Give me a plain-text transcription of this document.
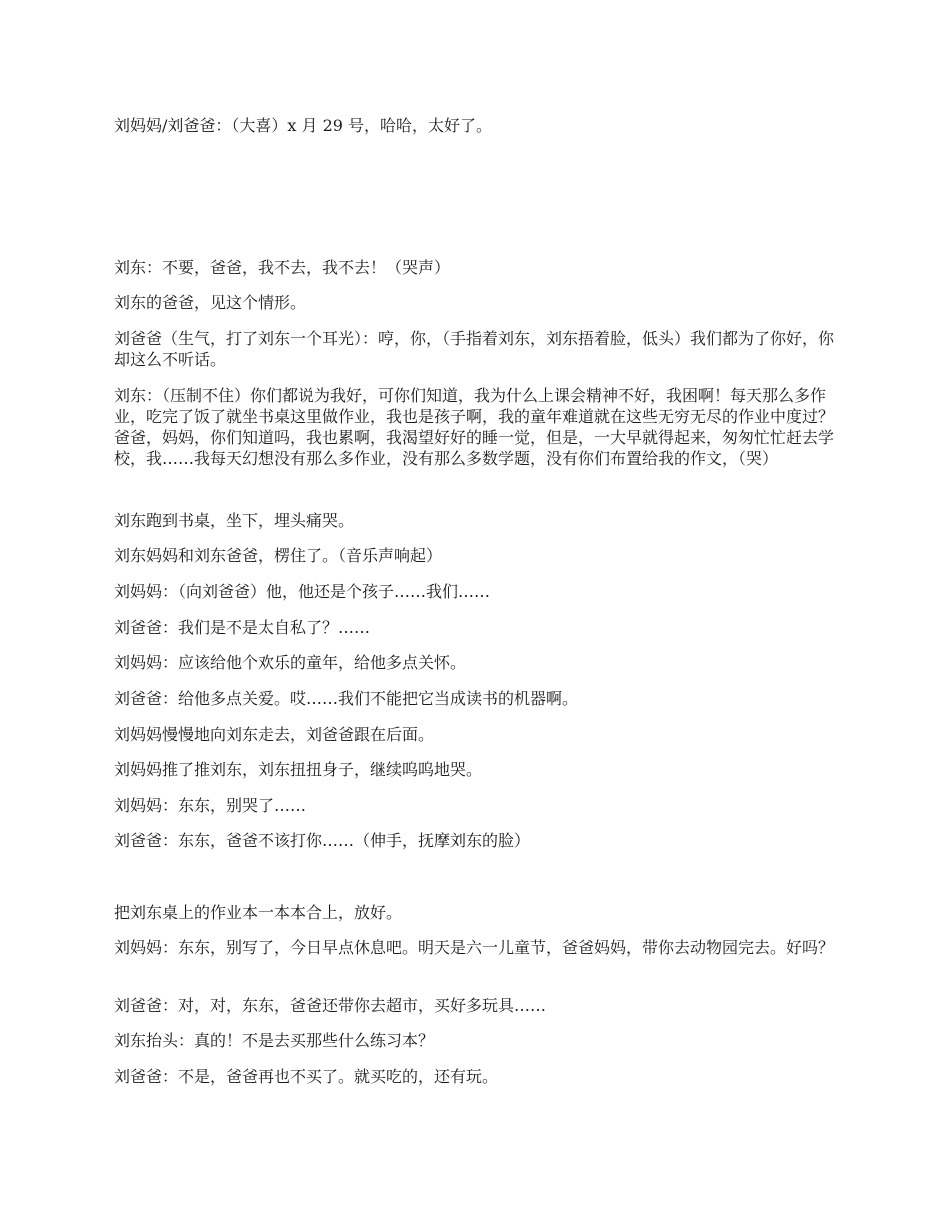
刘妈妈/刘爸爸：（大喜）x 月 29 号，哈哈，太好了。

刘东：不要，爸爸，我不去，我不去！（哭声）

刘东的爸爸，见这个情形。

刘爸爸（生气，打了刘东一个耳光）：哼，你，（手指着刘东，刘东捂着脸，低头）我们都为了你好，你却这么不听话。

刘东：（压制不住）你们都说为我好，可你们知道，我为什么上课会精神不好，我困啊！每天那么多作业，吃完了饭了就坐书桌这里做作业，我也是孩子啊，我的童年难道就在这些无穷无尽的作业中度过？爸爸，妈妈，你们知道吗，我也累啊，我渴望好好的睡一觉，但是，一大早就得起来，匆匆忙忙赶去学校，我……我每天幻想没有那么多作业，没有那么多数学题，没有你们布置给我的作文，（哭）

刘东跑到书桌，坐下，埋头痛哭。

刘东妈妈和刘东爸爸，楞住了。（音乐声响起）

刘妈妈：（向刘爸爸）他，他还是个孩子……我们……

刘爸爸：我们是不是太自私了？……

刘妈妈：应该给他个欢乐的童年，给他多点关怀。

刘爸爸：给他多点关爱。哎……我们不能把它当成读书的机器啊。

刘妈妈慢慢地向刘东走去，刘爸爸跟在后面。

刘妈妈推了推刘东，刘东扭扭身子，继续呜呜地哭。

刘妈妈：东东，别哭了……

刘爸爸：东东，爸爸不该打你……（伸手，抚摩刘东的脸）

把刘东桌上的作业本一本本合上，放好。

刘妈妈：东东，别写了，今日早点休息吧。明天是六一儿童节，爸爸妈妈，带你去动物园完去。好吗？

刘爸爸：对，对，东东，爸爸还带你去超市，买好多玩具……

刘东抬头：真的！不是去买那些什么练习本？

刘爸爸：不是，爸爸再也不买了。就买吃的，还有玩。
